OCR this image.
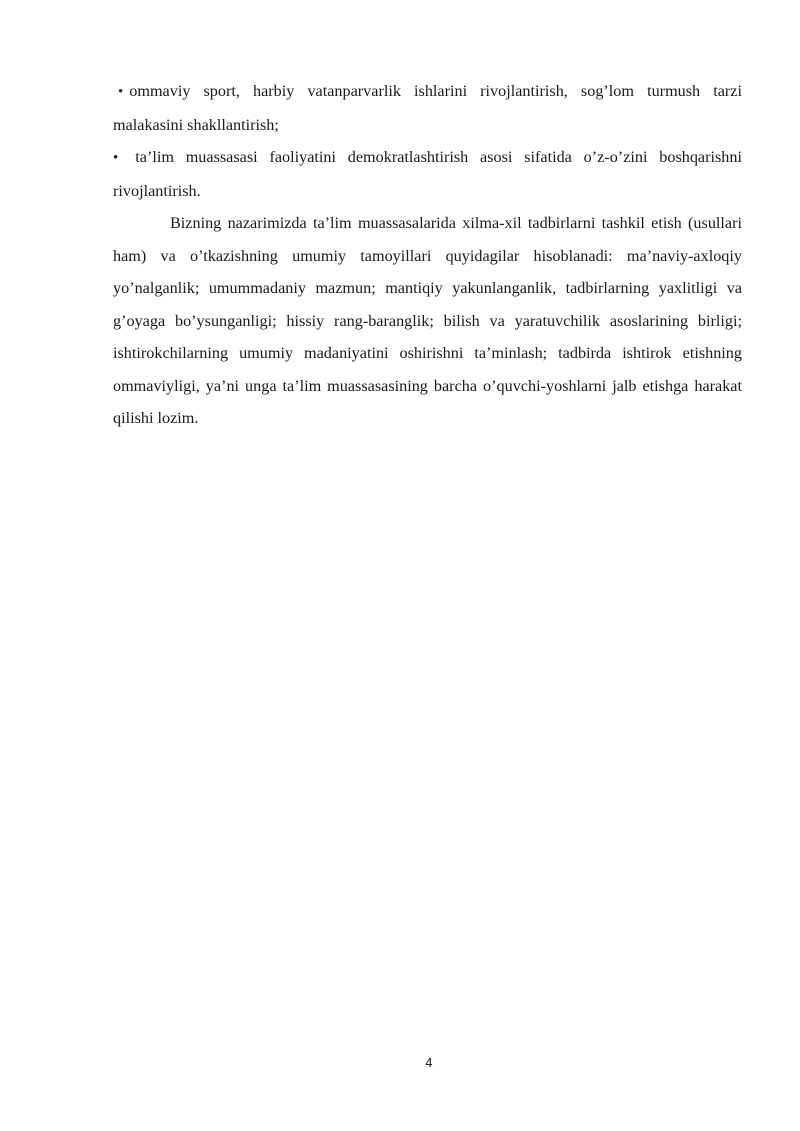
• ommaviy sport, harbiy vatanparvarlik ishlarini rivojlantirish, sog’lom turmush tarzi malakasini shakllantirish;

• ta’lim muassasasi faoliyatini demokratlashtirish asosi sifatida o’z-o’zini boshqarishni rivojlantirish.

Bizning nazarimizda ta’lim muassasalarida xilma-xil tadbirlarni tashkil etish (usullari ham) va o’tkazishning umumiy tamoyillari quyidagilar hisoblanadi: ma’naviy-axloqiy yo’nalganlik; umummadaniy mazmun; mantiqiy yakunlanganlik, tadbirlarning yaxlitligi va g’oyaga bo’ysunganligi; hissiy rang-baranglik; bilish va yaratuvchilik asoslarining birligi; ishtirokchilarning umumiy madaniyatini oshirishni ta’minlash; tadbirda ishtirok etishning ommaviyligi, ya’ni unga ta’lim muassasasining barcha o’quvchi-yoshlarni jalb etishga harakat qilishi lozim.

4
